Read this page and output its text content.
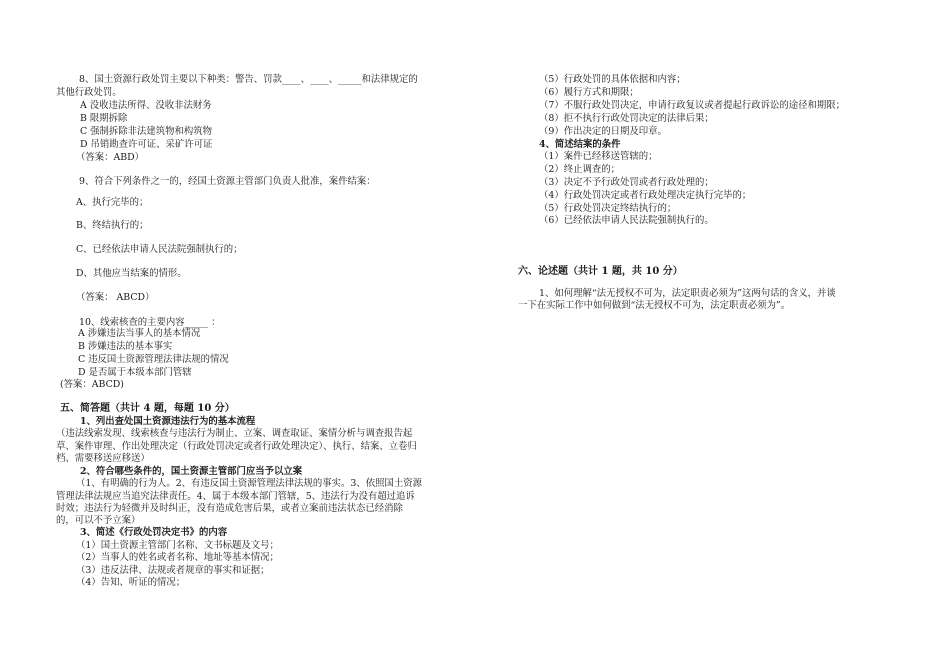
8、国土资源行政处罚主要以下种类：警告、罚款____、____、_____和法律规定的
其他行政处罚。
A 没收违法所得、没收非法财务
B 限期拆除
C 强制拆除非法建筑物和构筑物
D 吊销勘查许可证、采矿许可证
（答案：ABD）
9、符合下列条件之一的，经国土资源主管部门负责人批准，案件结案：
A、执行完毕的；
B、终结执行的；
C、已经依法申请人民法院强制执行的；
D、其他应当结案的情形。
（答案： ABCD）
10、线索核查的主要内容_____ ：
A 涉嫌违法当事人的基本情况
B 涉嫌违法的基本事实
C 违反国土资源管理法律法规的情况
D 是否属于本级本部门管辖
(答案：ABCD)
五、简答题（共计 4 题，每题 10 分）
1、列出查处国土资源违法行为的基本流程
（违法线索发现、线索核查与违法行为制止、立案、调查取证、案情分析与调查报告起
草、案件审理、作出处理决定（行政处罚决定或者行政处理决定）、执行、结案、立卷归
档、需要移送应移送）
2、符合哪些条件的，国土资源主管部门应当予以立案
（1、有明确的行为人。2、有违反国土资源管理法律法规的事实。3、依照国土资源
管理法律法规应当追究法律责任。4、属于本级本部门管辖，5、违法行为没有超过追诉
时效；违法行为轻微并及时纠正，没有造成危害后果，或者立案前违法状态已经消除
的，可以不予立案）
3、简述《行政处罚决定书》的内容
（1）国土资源主管部门名称、文书标题及文号；
（2）当事人的姓名或者名称、地址等基本情况；
（3）违反法律、法规或者规章的事实和证据；
（4）告知、听证的情况；
（5）行政处罚的具体依据和内容；
（6）履行方式和期限；
（7）不服行政处罚决定，申请行政复议或者提起行政诉讼的途径和期限；
（8）拒不执行行政处罚决定的法律后果；
（9）作出决定的日期及印章。
4、简述结案的条件
（1）案件已经移送管辖的；
（2）终止调查的；
（3）决定不予行政处罚或者行政处理的；
（4）行政处罚决定或者行政处理决定执行完毕的；
（5）行政处罚决定终结执行的；
（6）已经依法申请人民法院强制执行的。
六、论述题（共计 1 题，共 10 分）
1、如何理解“法无授权不可为，法定职责必须为”这两句话的含义，并谈
一下在实际工作中如何做到“法无授权不可为，法定职责必须为”。
